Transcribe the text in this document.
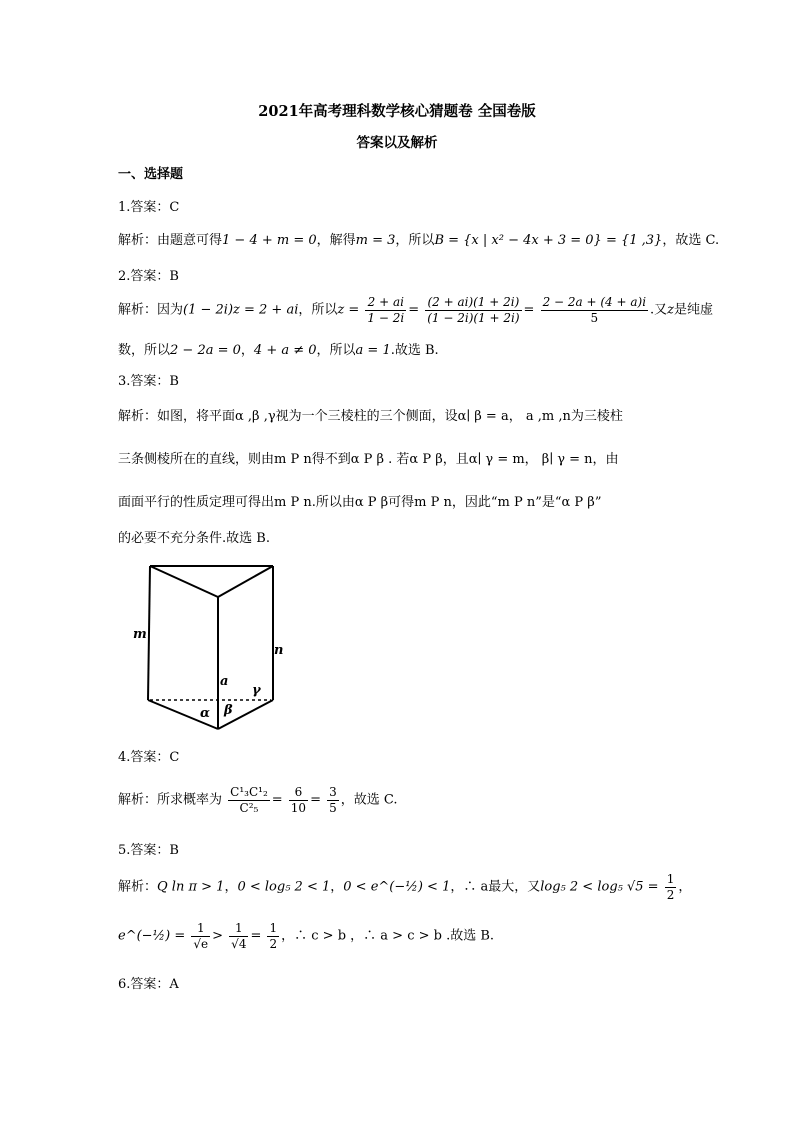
2021年高考理科数学核心猜题卷 全国卷版
答案以及解析
一、选择题
1.答案：C
解析：由题意可得1 − 4 + m = 0，解得m = 3，所以B = {x | x² − 4x + 3 = 0} = {1 ,3}，故选 C.
2.答案：B
解析：因为(1 − 2i)z = 2 + ai，所以$z = \frac{2 + ai}{1 - 2i} = \frac{(2 + ai)(1 + 2i)}{(1 - 2i)(1 + 2i)} = \frac{2 - 2a + (4 + a)i}{5}$ .又z是纯虚
数，所以2 − 2a = 0，4 + a ≠ 0，所以a = 1.故选 B.
3.答案：B
解析：如图，将平面α ,β ,γ视为一个三棱柱的三个侧面，设α∣ β = a， a ,m ,n为三棱柱
三条侧棱所在的直线，则由m P n得不到α P β . 若α P β，且α∣ γ = m， β∣ γ = n，由
面面平行的性质定理可得出m P n.所以由α P β可得m P n，因此“m P n”是“α P β”
的必要不充分条件.故选 B.
m
n
a
γ
α β
4.答案：C
解析：所求概率为 $\frac{\text{C¹₃C¹₂}}{\text{C²₅}} = \frac{6}{10} = \frac{3}{5}$ ，故选 C.
5.答案：B
解析：Q ln π > 1，0 < log₅ 2 < 1，0 < e^(−½) < 1，∴ a最大，又log₅ 2 < log₅ $√5 = \frac{1}{2}$ ，
e^(−½) = $\frac{1}{√e} > \frac{1}{√4} = \frac{1}{2}$ ，∴ c > b ，∴ a > c > b .故选 B.
6.答案：A
